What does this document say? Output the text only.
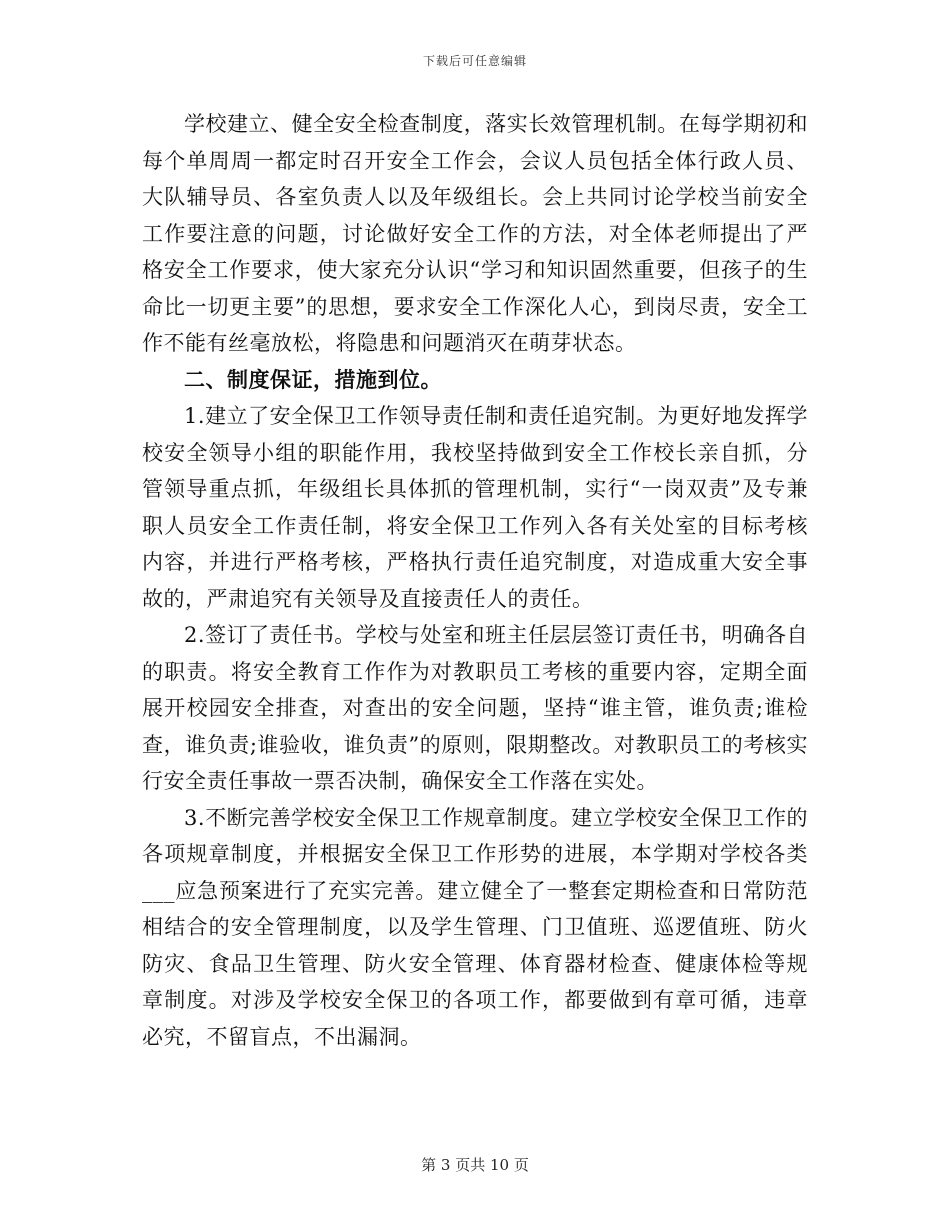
下载后可任意编辑

学校建立、健全安全检查制度，落实长效管理机制。在每学期初和每个单周周一都定时召开安全工作会，会议人员包括全体行政人员、大队辅导员、各室负责人以及年级组长。会上共同讨论学校当前安全工作要注意的问题，讨论做好安全工作的方法，对全体老师提出了严格安全工作要求，使大家充分认识“学习和知识固然重要，但孩子的生命比一切更主要”的思想，要求安全工作深化人心，到岗尽责，安全工作不能有丝毫放松，将隐患和问题消灭在萌芽状态。

二、制度保证，措施到位。

1.建立了安全保卫工作领导责任制和责任追究制。为更好地发挥学校安全领导小组的职能作用，我校坚持做到安全工作校长亲自抓，分管领导重点抓，年级组长具体抓的管理机制，实行“一岗双责”及专兼职人员安全工作责任制，将安全保卫工作列入各有关处室的目标考核内容，并进行严格考核，严格执行责任追究制度，对造成重大安全事故的，严肃追究有关领导及直接责任人的责任。

2.签订了责任书。学校与处室和班主任层层签订责任书，明确各自的职责。将安全教育工作作为对教职员工考核的重要内容，定期全面展开校园安全排查，对查出的安全问题，坚持“谁主管，谁负责;谁检查，谁负责;谁验收，谁负责”的原则，限期整改。对教职员工的考核实行安全责任事故一票否决制，确保安全工作落在实处。

3.不断完善学校安全保卫工作规章制度。建立学校安全保卫工作的各项规章制度，并根据安全保卫工作形势的进展，本学期对学校各类___应急预案进行了充实完善。建立健全了一整套定期检查和日常防范相结合的安全管理制度，以及学生管理、门卫值班、巡逻值班、防火防灾、食品卫生管理、防火安全管理、体育器材检查、健康体检等规章制度。对涉及学校安全保卫的各项工作，都要做到有章可循，违章必究，不留盲点，不出漏洞。

第 3 页共 10 页
